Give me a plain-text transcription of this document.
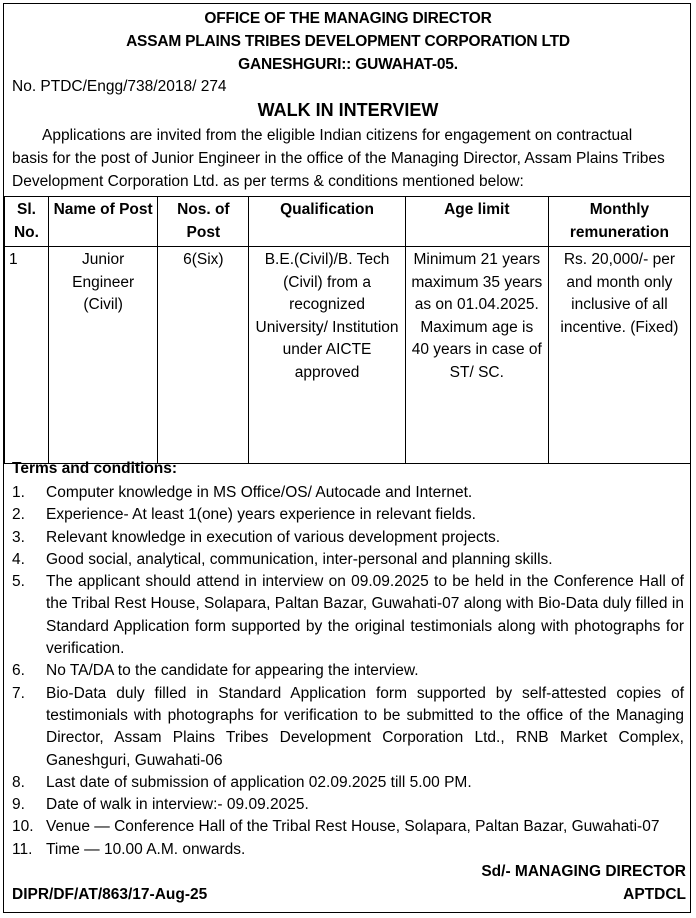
OFFICE OF THE MANAGING DIRECTOR
ASSAM PLAINS TRIBES DEVELOPMENT CORPORATION LTD
GANESHGURI:: GUWAHAT-05.
No. PTDC/Engg/738/2018/ 274
WALK IN INTERVIEW
Applications are invited from the eligible Indian citizens for engagement on contractual
basis for the post of Junior Engineer in the office of the Managing Director, Assam Plains Tribes
Development Corporation Ltd. as per terms & conditions mentioned below:
Sl. No.	Name of Post	Nos. of Post	Qualification	Age limit	Monthly remuneration
1	Junior Engineer (Civil)	6(Six)	B.E.(Civil)/B. Tech (Civil) from a recognized University/ Institution under AICTE approved	Minimum 21 years maximum 35 years as on 01.04.2025. Maximum age is 40 years in case of ST/ SC.	Rs. 20,000/- per and month only inclusive of all incentive. (Fixed)
Terms and conditions:
1. Computer knowledge in MS Office/OS/ Autocade and Internet.
2. Experience- At least 1(one) years experience in relevant fields.
3. Relevant knowledge in execution of various development projects.
4. Good social, analytical, communication, inter-personal and planning skills.
5. The applicant should attend in interview on 09.09.2025 to be held in the Conference Hall of the Tribal Rest House, Solapara, Paltan Bazar, Guwahati-07 along with Bio-Data duly filled in Standard Application form supported by the original testimonials along with photographs for verification.
6. No TA/DA to the candidate for appearing the interview.
7. Bio-Data duly filled in Standard Application form supported by self-attested copies of testimonials with photographs for verification to be submitted to the office of the Managing Director, Assam Plains Tribes Development Corporation Ltd., RNB Market Complex, Ganeshguri, Guwahati-06
8. Last date of submission of application 02.09.2025 till 5.00 PM.
9. Date of walk in interview:- 09.09.2025.
10. Venue — Conference Hall of the Tribal Rest House, Solapara, Paltan Bazar, Guwahati-07
11. Time — 10.00 A.M. onwards.
Sd/- MANAGING DIRECTOR
APTDCL
DIPR/DF/AT/863/17-Aug-25
